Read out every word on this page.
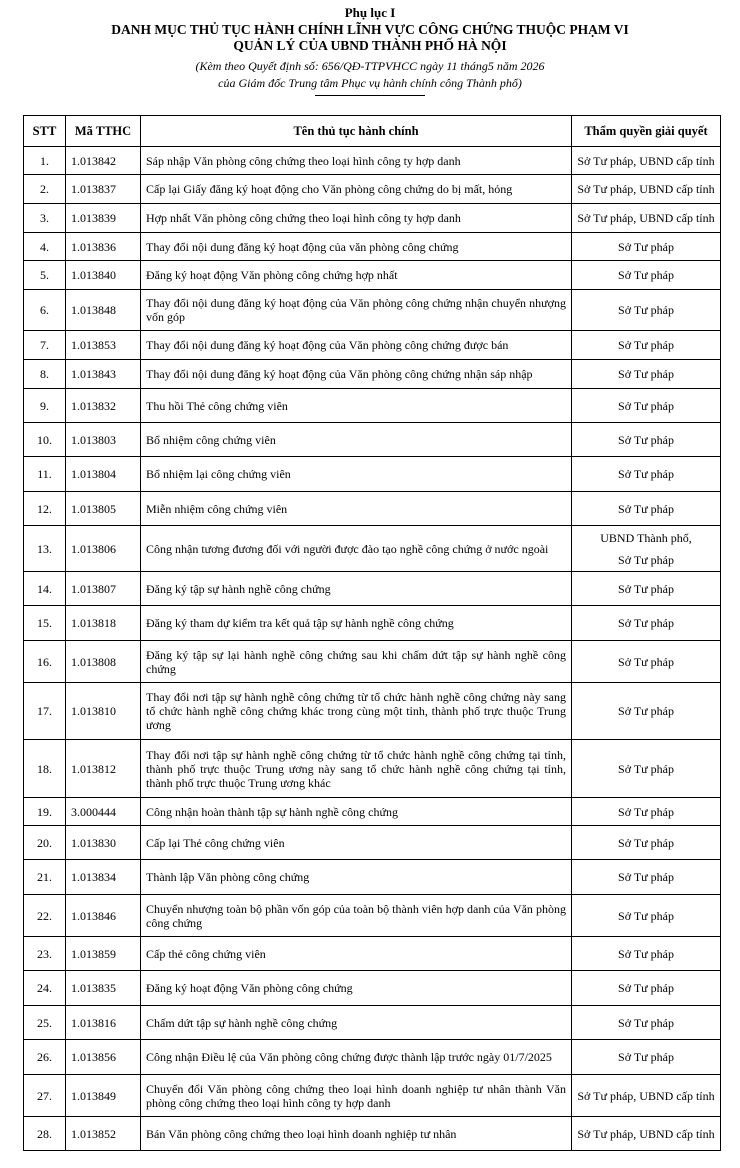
Phụ lục I
DANH MỤC THỦ TỤC HÀNH CHÍNH LĨNH VỰC CÔNG CHỨNG THUỘC PHẠM VI
QUẢN LÝ CỦA UBND THÀNH PHỐ HÀ NỘI
(Kèm theo Quyết định số: 656/QĐ-TTPVHCC ngày 11 tháng5 năm 2026
của Giám đốc Trung tâm Phục vụ hành chính công Thành phố)
STT	Mã TTHC	Tên thủ tục hành chính	Thẩm quyền giải quyết
1.	1.013842	Sáp nhập Văn phòng công chứng theo loại hình công ty hợp danh	Sở Tư pháp, UBND cấp tỉnh

2.	1.013837	Cấp lại Giấy đăng ký hoạt động cho Văn phòng công chứng do bị mất, hỏng	Sở Tư pháp, UBND cấp tỉnh

3.	1.013839	Hợp nhất Văn phòng công chứng theo loại hình công ty hợp danh	Sở Tư pháp, UBND cấp tỉnh

4.	1.013836	Thay đổi nội dung đăng ký hoạt động của văn phòng công chứng	Sở Tư pháp

5.	1.013840	Đăng ký hoạt động Văn phòng công chứng hợp nhất	Sở Tư pháp

6.	1.013848	Thay đổi nội dung đăng ký hoạt động của Văn phòng công chứng nhận chuyển nhượng vốn góp	Sở Tư pháp

7.	1.013853	Thay đổi nội dung đăng ký hoạt động của Văn phòng công chứng được bán	Sở Tư pháp

8.	1.013843	Thay đổi nội dung đăng ký hoạt động của Văn phòng công chứng nhận sáp nhập	Sở Tư pháp

9.	1.013832	Thu hồi Thẻ công chứng viên	Sở Tư pháp

10.	1.013803	Bổ nhiệm công chứng viên	Sở Tư pháp

11.	1.013804	Bổ nhiệm lại công chứng viên	Sở Tư pháp

12.	1.013805	Miễn nhiệm công chứng viên	Sở Tư pháp

13.	1.013806	Công nhận tương đương đối với người được đào tạo nghề công chứng ở nước ngoài	UBND Thành phố,
Sở Tư pháp

14.	1.013807	Đăng ký tập sự hành nghề công chứng	Sở Tư pháp

15.	1.013818	Đăng ký tham dự kiểm tra kết quả tập sự hành nghề công chứng	Sở Tư pháp

16.	1.013808	Đăng ký tập sự lại hành nghề công chứng sau khi chấm dứt tập sự hành nghề công chứng	Sở Tư pháp

17.	1.013810	Thay đổi nơi tập sự hành nghề công chứng từ tổ chức hành nghề công chứng này sang tổ chức hành nghề công chứng khác trong cùng một tỉnh, thành phố trực thuộc Trung ương	Sở Tư pháp

18.	1.013812	Thay đổi nơi tập sự hành nghề công chứng từ tổ chức hành nghề công chứng tại tỉnh, thành phố trực thuộc Trung ương này sang tổ chức hành nghề công chứng tại tỉnh, thành phố trực thuộc Trung ương khác	Sở Tư pháp

19.	3.000444	Công nhận hoàn thành tập sự hành nghề công chứng	Sở Tư pháp

20.	1.013830	Cấp lại Thẻ công chứng viên	Sở Tư pháp

21.	1.013834	Thành lập Văn phòng công chứng	Sở Tư pháp

22.	1.013846	Chuyển nhượng toàn bộ phần vốn góp của toàn bộ thành viên hợp danh của Văn phòng công chứng	Sở Tư pháp

23.	1.013859	Cấp thẻ công chứng viên	Sở Tư pháp

24.	1.013835	Đăng ký hoạt động Văn phòng công chứng	Sở Tư pháp

25.	1.013816	Chấm dứt tập sự hành nghề công chứng	Sở Tư pháp

26.	1.013856	Công nhận Điều lệ của Văn phòng công chứng được thành lập trước ngày 01/7/2025	Sở Tư pháp

27.	1.013849	Chuyển đổi Văn phòng công chứng theo loại hình doanh nghiệp tư nhân thành Văn phòng công chứng theo loại hình công ty hợp danh	Sở Tư pháp, UBND cấp tỉnh

28.	1.013852	Bán Văn phòng công chứng theo loại hình doanh nghiệp tư nhân	Sở Tư pháp, UBND cấp tỉnh
